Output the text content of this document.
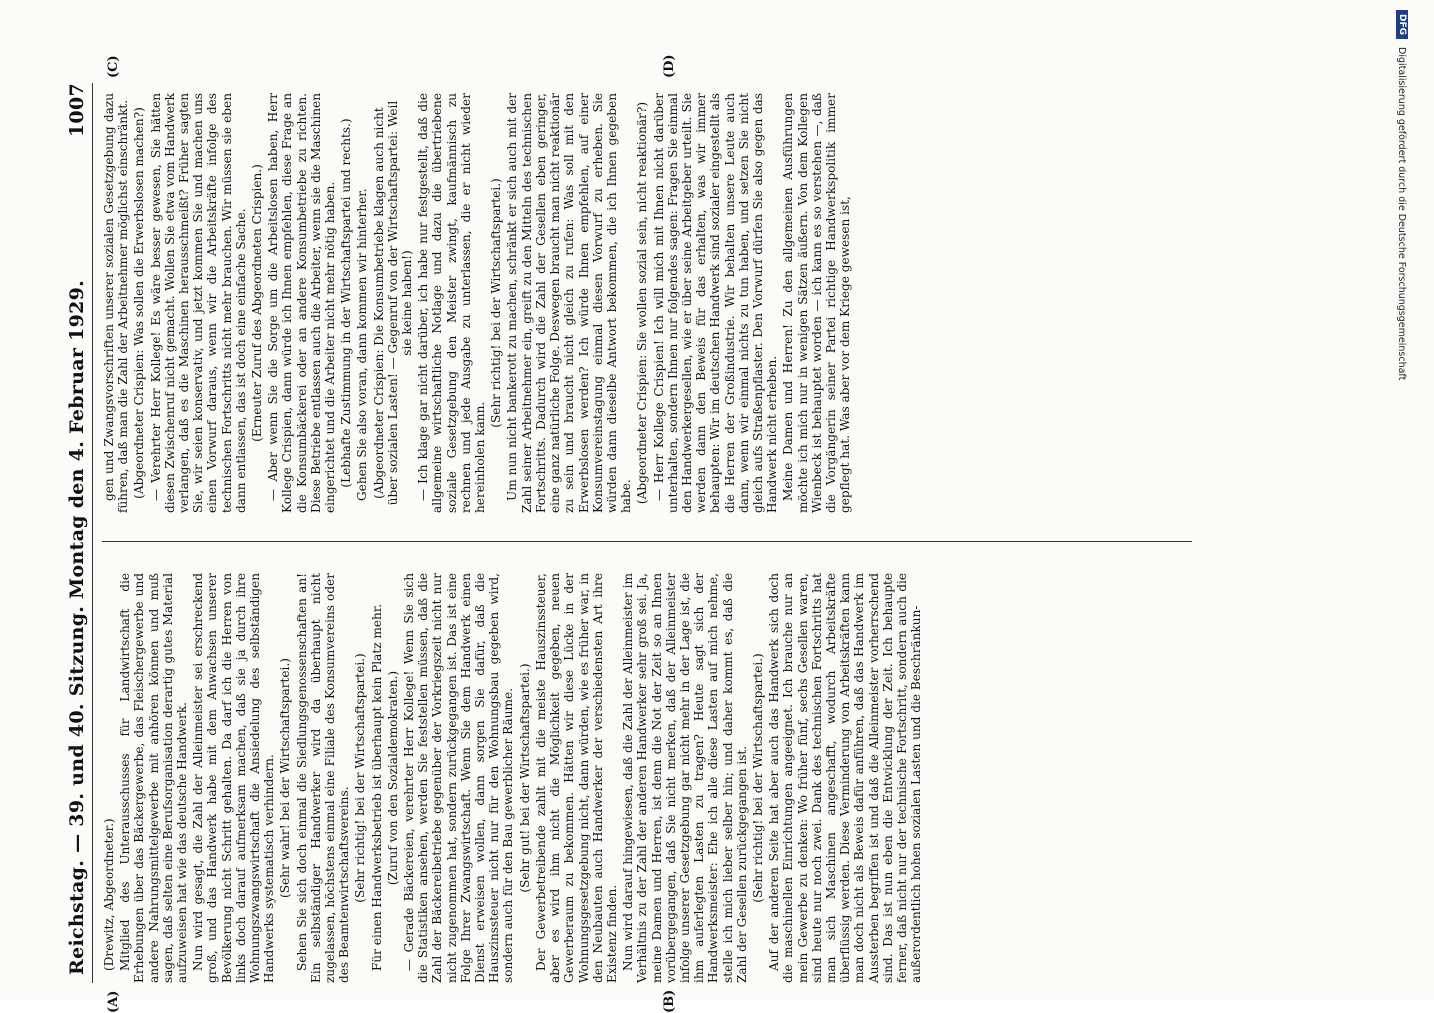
Reichstag. — 39. und 40. Sitzung. Montag den 4. Februar 1929.
1007
(A)	(B)
(C)	(D)

(Drewitz, Abgeordneter.) Mitglied des Unterausschusses für Landwirtschaft die Erhebungen über das Bäckergewerbe, das Fleischergewerbe und andere Nahrungsmittelgewerbe mit anhören können und muß sagen, daß selten eine Berufsorganisation derartig gutes Material aufzuweisen hat wie das deutsche Handwerk. Nun wird gesagt, die Zahl der Alleinmeister sei erschreckend groß, und das Handwerk habe mit dem Anwachsen unserer Bevölkerung nicht Schritt gehalten. Da darf ich die Herren von links doch darauf aufmerksam machen, daß sie ja durch ihre Wohnungszwangswirtschaft die Ansiedelung des selbständigen Handwerks systematisch verhindern. (Sehr wahr! bei der Wirtschaftspartei.) Sehen Sie sich doch einmal die Siedlungsgenossenschaften an! Ein selbständiger Handwerker wird da überhaupt nicht zugelassen, höchstens einmal eine Filiale des Konsumvereins oder des Beamtenwirtschaftsvereins. (Sehr richtig! bei der Wirtschaftspartei.) Für einen Handwerksbetrieb ist überhaupt kein Platz mehr. (Zuruf von den Sozialdemokraten.) — Gerade Bäckereien, verehrter Herr Kollege! Wenn Sie sich die Statistiken ansehen, werden Sie feststellen müssen, daß die Zahl der Bäckereibetriebe gegenüber der Vorkriegszeit nicht nur nicht zugenommen hat, sondern zurückgegangen ist. Das ist eine Folge Ihrer Zwangswirtschaft. Wenn Sie dem Handwerk einen Dienst erweisen wollen, dann sorgen Sie dafür, daß die Hauszinssteuer nicht nur für den Wohnungsbau gegeben wird, sondern auch für den Bau gewerblicher Räume. (Sehr gut! bei der Wirtschaftspartei.) Der Gewerbetreibende zahlt mit die meiste Hauszinssteuer, aber es wird ihm nicht die Möglichkeit gegeben, neuen Gewerberaum zu bekommen. Hätten wir diese Lücke in der Wohnungsgesetzgebung nicht, dann würden, wie es früher war, in den Neubauten auch Handwerker der verschiedensten Art ihre Existenz finden. Nun wird darauf hingewiesen, daß die Zahl der Alleinmeister im Verhältnis zu der Zahl der anderen Handwerker sehr groß sei. Ja, meine Damen und Herren, ist denn die Not der Zeit so an Ihnen vorübergegangen, daß Sie nicht merken, daß der Alleinmeister infolge unserer Gesetzgebung gar nicht mehr in der Lage ist, die ihm auferlegten Lasten zu tragen? Heute sagt sich der Handwerksmeister: Ehe ich alle diese Lasten auf mich nehme, stelle ich mich lieber selber hin; und daher kommt es, daß die Zahl der Gesellen zurückgegangen ist. (Sehr richtig! bei der Wirtschaftspartei.) Auf der anderen Seite hat aber auch das Handwerk sich doch die maschinellen Einrichtungen angeeignet. Ich brauche nur an mein Gewerbe zu denken: Wo früher fünf, sechs Gesellen waren, sind heute nur noch zwei. Dank des technischen Fortschritts hat man sich Maschinen angeschafft, wodurch Arbeitskräfte überflüssig werden. Diese Verminderung von Arbeitskräften kann man doch nicht als Beweis dafür anführen, daß das Handwerk im Aussterben begriffen ist und daß die Alleinmeister vorherrschend sind. Das ist nun eben die Entwicklung der Zeit. Ich behaupte ferner, daß nicht nur der technische Fortschritt, sondern auch die außerordentlich hohen sozialen Lasten und die Beschränkun-

gen und Zwangsvorschriften unserer sozialen Gesetzgebung dazu führen, daß man die Zahl der Arbeitnehmer möglichst einschränkt. (Abgeordneter Crispien: Was sollen die Erwerbslosen machen?) — Verehrter Herr Kollege! Es wäre besser gewesen, Sie hätten diesen Zwischenruf nicht gemacht. Wollen Sie etwa vom Handwerk verlangen, daß es die Maschinen herausschmeißt? Früher sagten Sie, wir seien konservativ, und jetzt kommen Sie und machen uns einen Vorwurf daraus, wenn wir die Arbeitskräfte infolge des technischen Fortschritts nicht mehr brauchen. Wir müssen sie eben dann entlassen, das ist doch eine einfache Sache. (Erneuter Zuruf des Abgeordneten Crispien.) — Aber wenn Sie die Sorge um die Arbeitslosen haben, Herr Kollege Crispien, dann würde ich Ihnen empfehlen, diese Frage an die Konsumbäckerei oder an andere Konsumbetriebe zu richten. Diese Betriebe entlassen auch die Arbeiter, wenn sie die Maschinen eingerichtet und die Arbeiter nicht mehr nötig haben. (Lebhafte Zustimmung in der Wirtschaftspartei und rechts.) Gehen Sie also voran, dann kommen wir hinterher. (Abgeordneter Crispien: Die Konsumbetriebe klagen auch nicht über sozialen Lasten! — Gegenruf von der Wirtschaftspartei: Weil sie keine haben!) — Ich klage gar nicht darüber, ich habe nur festgestellt, daß die allgemeine wirtschaftliche Notlage und dazu die übertriebene soziale Gesetzgebung den Meister zwingt, kaufmännisch zu rechnen und jede Ausgabe zu unterlassen, die er nicht wieder hereinholen kann.

(Sehr richtig! bei der Wirtschaftspartei.) Um nun nicht bankerott zu machen, schränkt er sich auch mit der Zahl seiner Arbeitnehmer ein, greift zu den Mitteln des technischen Fortschritts. Dadurch wird die Zahl der Gesellen eben geringer, eine ganz natürliche Folge. Deswegen braucht man nicht reaktionär zu sein und braucht nicht gleich zu rufen: Was soll mit den Erwerbslosen werden? Ich würde Ihnen empfehlen, auf einer Konsumvereinstagung einmal diesen Vorwurf zu erheben. Sie würden dann dieselbe Antwort bekommen, die ich Ihnen gegeben habe. (Abgeordneter Crispien: Sie wollen sozial sein, nicht reaktionär?) — Herr Kollege Crispien! Ich will mich mit Ihnen nicht darüber unterhalten, sondern Ihnen nur folgendes sagen: Fragen Sie einmal den Handwerkergesellen, wie er über seine Arbeitgeber urteilt. Sie werden dann den Beweis für das erhalten, was wir immer behaupten: Wir im deutschen Handwerk sind sozialer eingestellt als die Herren der Großindustrie. Wir behalten unsere Leute auch dann, wenn wir einmal nichts zu tun haben, und setzen Sie nicht gleich aufs Straßenpflaster. Den Vorwurf dürfen Sie also gegen das Handwerk nicht erheben. Meine Damen und Herren! Zu den allgemeinen Ausführungen möchte ich mich nur in wenigen Sätzen äußern. Von dem Kollegen Wienbeck ist behauptet worden — ich kann es so verstehen —, daß die Vorgängerin seiner Partei richtige Handwerkspolitik immer gepflegt hat. Was aber vor dem Kriege gewesen ist,

DFG
Digitalisierung gefördert durch die Deutsche Forschungsgemeinschaft
